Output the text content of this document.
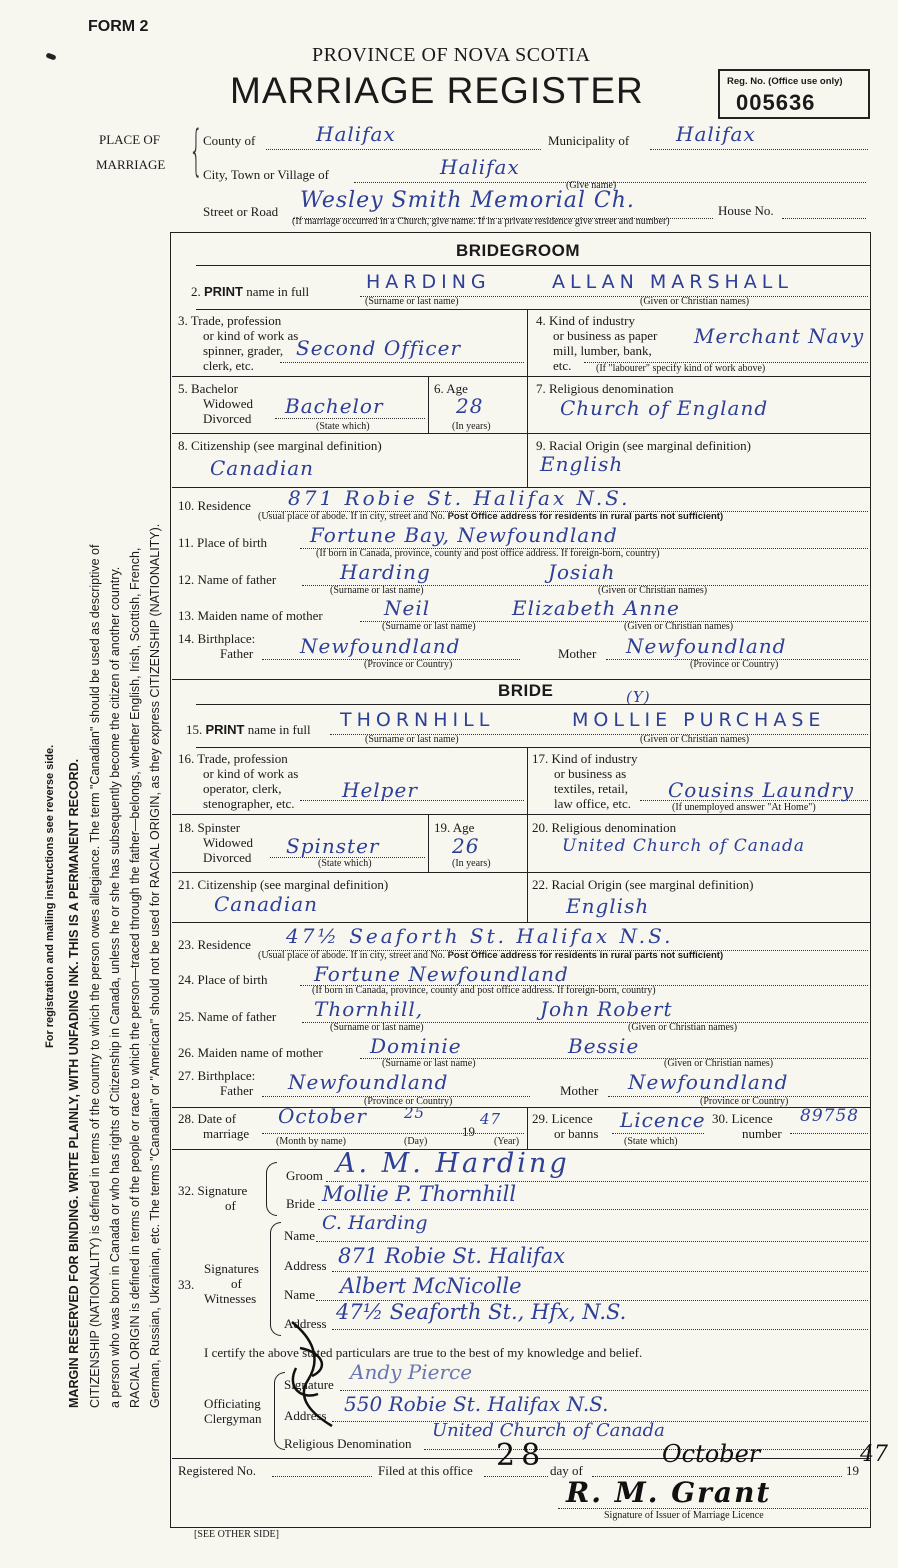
FORM 2
PROVINCE OF NOVA SCOTIA
MARRIAGE REGISTER	Reg. No. (Office use only)
005636
For registration and mailing instructions see reverse side. MARGIN RESERVED FOR BINDING. WRITE PLAINLY, WITH UNFADING INK. THIS IS A PERMANENT RECORD. CITIZENSHIP (NATIONALITY) is defined in terms of the country to which the person owes allegiance. The term "Canadian" should be used as descriptive of a person who was born in Canada or who has rights of Citizenship in Canada, unless he or she has subsequently become the citizen of another country. RACIAL ORIGIN is defined in terms of the people or race to which the person—traced through the father—belongs, whether English, Irish, Scottish, French, German, Russian, Ukrainian, etc. The terms "Canadian" or "American" should not be used for RACIAL ORIGIN, as they express CITIZENSHIP (NATIONALITY).
PLACE OF
MARRIAGE { County of	Halifax	Municipality of Halifax
City, Town or Village of	Halifax
(Give name)
Street or Road Wesley Smith Memorial Ch.	House No.
(If marriage occurred in a Church, give name. If in a private residence give street and number)
BRIDEGROOM
2. PRINT name in full	HARDING	ALLAN MARSHALL
(Surname or last name)	(Given or Christian names)
3. Trade, profession
or kind of work as
spinner, grader,
clerk, etc.
Second Officer
4. Kind of industry
or business as paper
mill, lumber, bank,
etc.
Merchant Navy
(If "labourer" specify kind of work above)
5. Bachelor
Widowed
Divorced
Bachelor
(State which)
6. Age
28
(In years)
7. Religious denomination
Church of England
8. Citizenship (see marginal definition)
Canadian
9. Racial Origin (see marginal definition)
English
10. Residence 871 Robie St. Halifax N.S.
(Usual place of abode. If in city, street and No. Post Office address for residents in rural parts not sufficient)
11. Place of birth Fortune Bay, Newfoundland
(If born in Canada, province, county and post office address. If foreign-born, country)
12. Name of father	Harding	Josiah
(Surname or last name)	(Given or Christian names)
13. Maiden name of mother	Neil	Elizabeth Anne
(Surname or last name)	(Given or Christian names)
14. Birthplace:
Father Newfoundland
(Province or Country)
Mother Newfoundland
(Province or Country)
BRIDE
15. PRINT name in full THORNHILL	MOLLIE PURCHASE
(Y)
(Surname or last name)	(Given or Christian names)
16. Trade, profession
or kind of work as
operator, clerk,
stenographer, etc.
Helper
17. Kind of industry
or business as
textiles, retail,
law office, etc.
Cousins Laundry
(If unemployed answer "At Home")
18. Spinster
Widowed
Divorced Spinster
(State which)
19. Age
26
(In years)
20. Religious denomination
United Church of Canada
21. Citizenship (see marginal definition)
Canadian
22. Racial Origin (see marginal definition)
English
23. Residence 47½ Seaforth St. Halifax N.S.
(Usual place of abode. If in city, street and No. Post Office address for residents in rural parts not sufficient)
24. Place of birth Fortune Newfoundland
(If born in Canada, province, county and post office address. If foreign-born, country)
25. Name of father Thornhill,	John Robert
(Surname or last name)	(Given or Christian names)
26. Maiden name of mother Dominie	Bessie
(Surname or last name)	(Given or Christian names)
27. Birthplace:
Father Newfoundland
(Province or Country)
Mother Newfoundland
(Province or Country)
28. Date of
marriage
October 25
19
47
(Month by name)	(Day)	(Year)
29. Licence
or banns
Licence
(State which)
30. Licence
number
89758
32. Signature
of
Groom A. M. Harding
Bride Mollie P. Thornhill
Signatures
of
Witnesses
33.
Name
C. Harding
Address 871 Robie St. Halifax
Name Albert McNicolle
Address 47½ Seaforth St., Hfx, N.S.
I certify the above stated particulars are true to the best of my knowledge and belief.
Officiating
Clergyman
Signature
Andy Pierce
Address 550 Robie St. Halifax N.S.
Religious Denomination
United Church of Canada
Registered No.	Filed at this office 28 day of
October
19
47
R. M. Grant
Signature of Issuer of Marriage Licence
[SEE OTHER SIDE]
